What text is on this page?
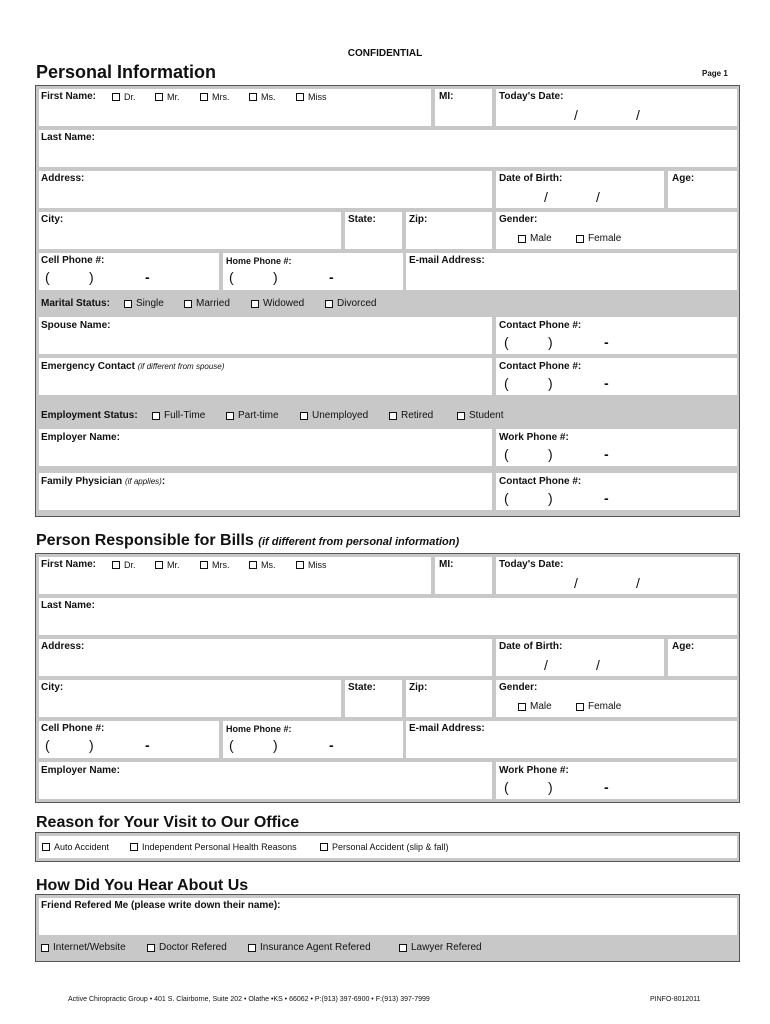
CONFIDENTIAL
Personal Information	Page 1
First Name:	Dr.	Mr.	Mrs.	Ms.	Miss	MI:	Today's Date:
/	/
Last Name:
Address:	Date of Birth:
/	/
Age:
City:	State:	Zip:	Gender:
Male	Female
Cell Phone #:
(	)	-
Home Phone #:
(	)	-
E-mail Address:
Marital Status:	Single	Married	Widowed	Divorced
Spouse Name:	Contact Phone #:
(	)	-
Emergency Contact (if different from spouse)	Contact Phone #:
(	)	-
Employment Status:	Full-Time	Part-time	Unemployed	Retired	Student
Employer Name:	Work Phone #:
(	)	-
Family Physician (if applies):	Contact Phone #:
(	)	-
Person Responsible for Bills (if different from personal information)
First Name:	Dr.	Mr.	Mrs.	Ms.	Miss	MI:	Today's Date:
/	/
Last Name:
Address:	Date of Birth:
/	/
Age:
City:	State:	Zip:	Gender:
Male	Female
Cell Phone #:
(	)	-
Home Phone #:
(	)	-
E-mail Address:
Employer Name:	Work Phone #:
(	)	-
Reason for Your Visit to Our Office
Auto Accident	Independent Personal Health Reasons	Personal Accident (slip & fall)
How Did You Hear About Us
Friend Refered Me (please write down their name):
Internet/Website	Doctor Refered	Insurance Agent Refered	Lawyer Refered
Active Chiropractic Group • 401 S. Clairborne, Suite 202 • Olathe •KS • 66062 • P:(913) 397-6900 • F:(913) 397-7999	PINFO-8012011
